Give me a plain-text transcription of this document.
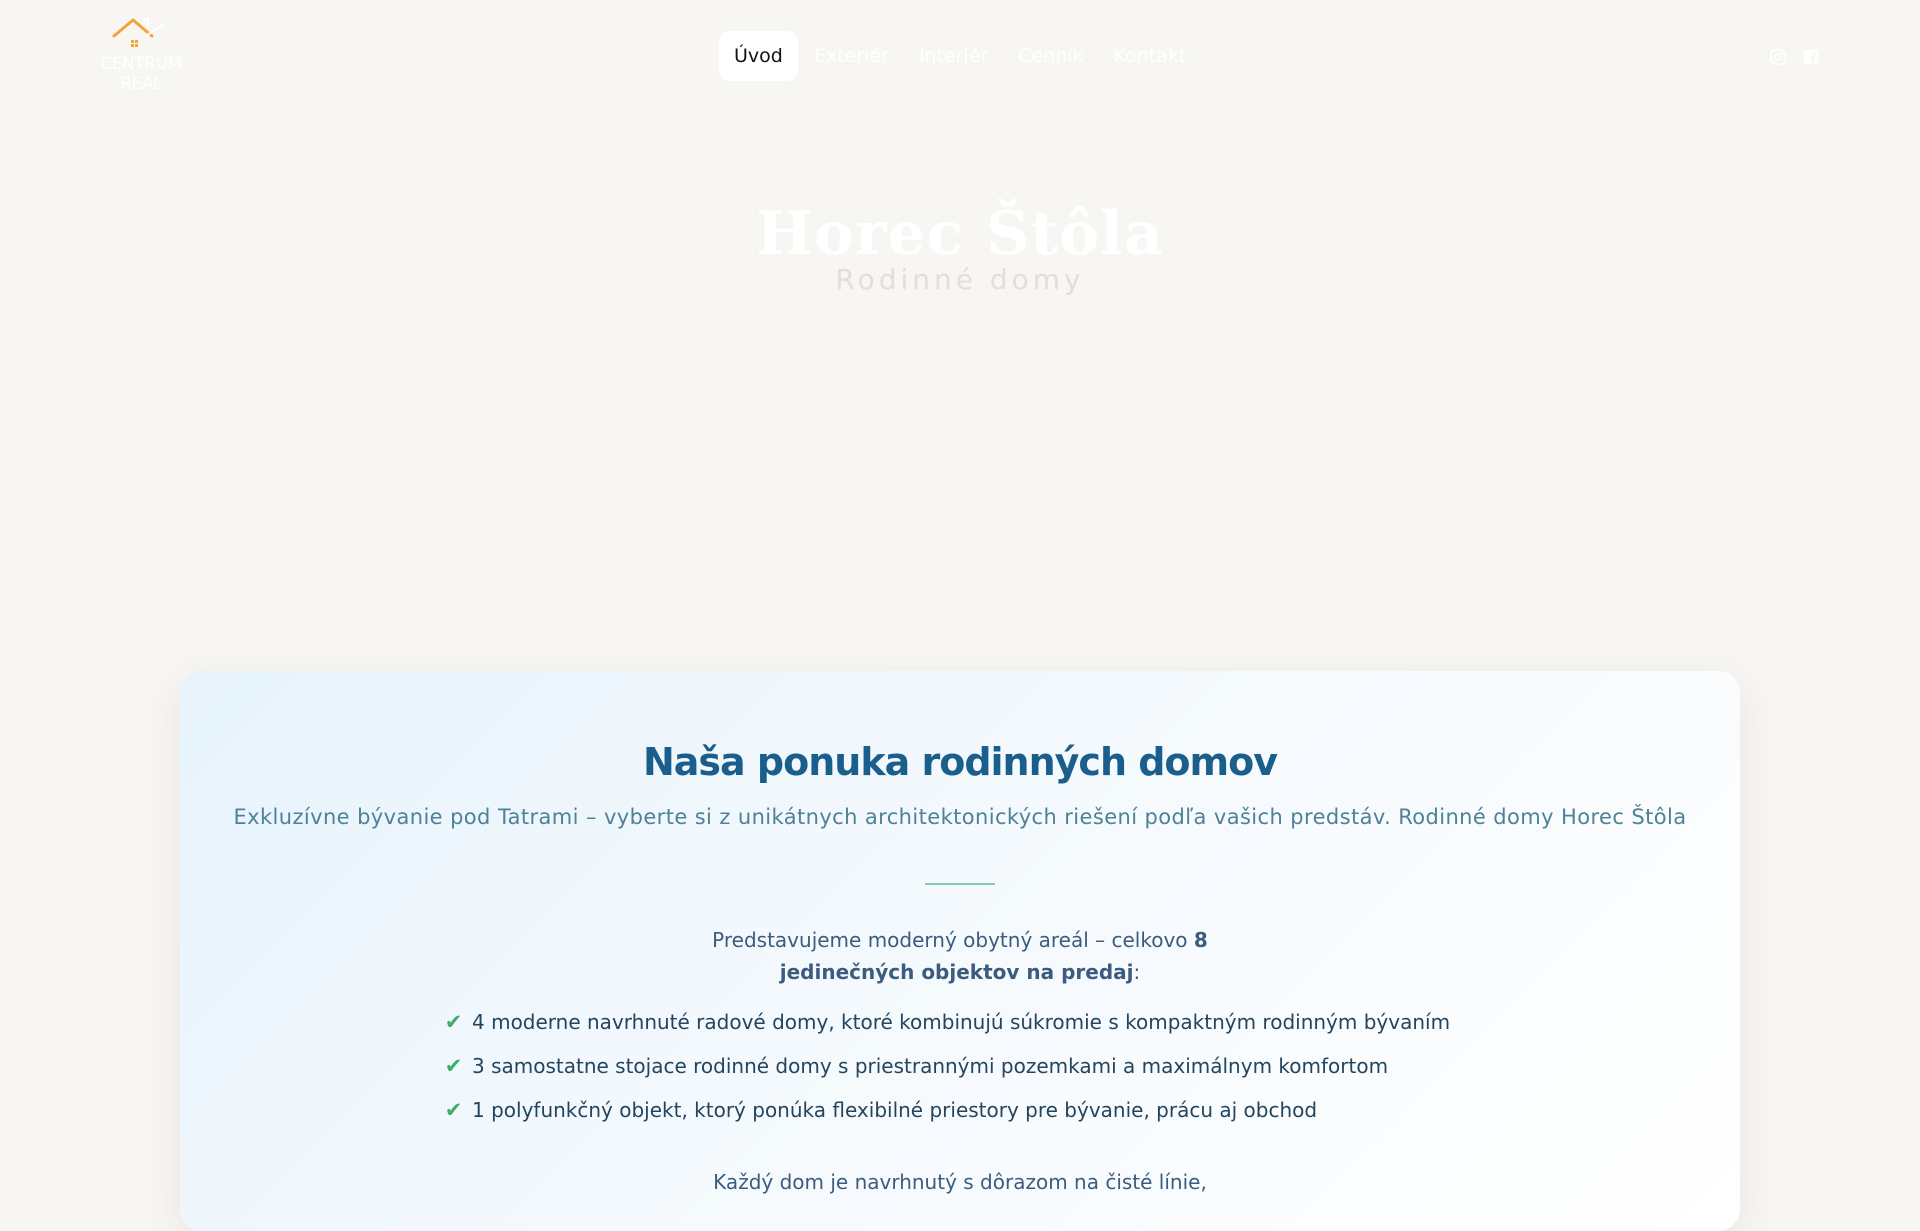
CENTRUM
REAL
Úvod	Exteriér	Interiér	Cenník	Kontakt
Horec Štôla
Rodinné domy
Naša ponuka rodinných domov

Exkluzívne bývanie pod Tatrami – vyberte si z unikátnych architektonických riešení podľa vašich predstáv. Rodinné domy Horec Štôla

Predstavujeme moderný obytný areál – celkovo 8 jedinečných objektov na predaj:

✔ 4 moderne navrhnuté radové domy, ktoré kombinujú súkromie s kompaktným rodinným bývaním
✔ 3 samostatne stojace rodinné domy s priestrannými pozemkami a maximálnym komfortom
✔ 1 polyfunkčný objekt, ktorý ponúka flexibilné priestory pre bývanie, prácu aj obchod

Každý dom je navrhnutý s dôrazom na čisté línie,
